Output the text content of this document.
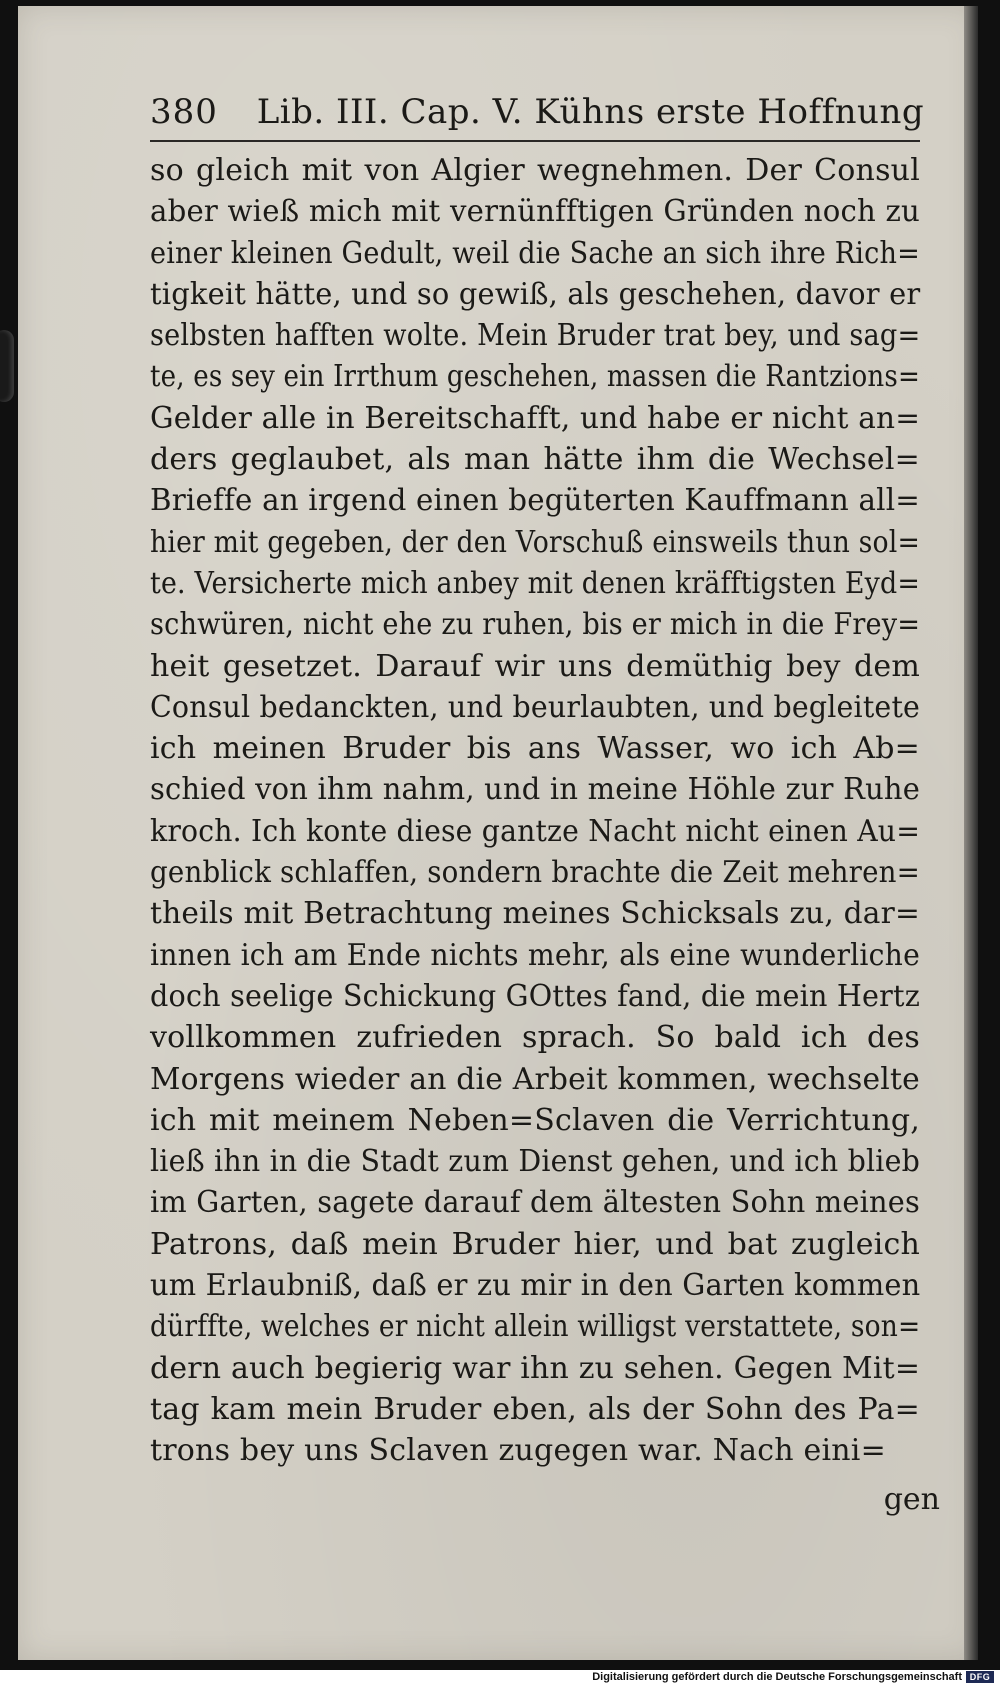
380 Lib. III. Cap. V. Kühns erste Hoffnung
so gleich mit von Algier wegnehmen. Der Consul
aber wieß mich mit vernünfftigen Gründen noch zu
einer kleinen Gedult, weil die Sache an sich ihre Rich=
tigkeit hätte, und so gewiß, als geschehen, davor er
selbsten hafften wolte. Mein Bruder trat bey, und sag=
te, es sey ein Irrthum geschehen, massen die Rantzions=
Gelder alle in Bereitschafft, und habe er nicht an=
ders geglaubet, als man hätte ihm die Wechsel=
Brieffe an irgend einen begüterten Kauffmann all=
hier mit gegeben, der den Vorschuß einsweils thun sol=
te. Versicherte mich anbey mit denen kräfftigsten Eyd=
schwüren, nicht ehe zu ruhen, bis er mich in die Frey=
heit gesetzet. Darauf wir uns demüthig bey dem
Consul bedanckten, und beurlaubten, und begleitete
ich meinen Bruder bis ans Wasser, wo ich Ab=
schied von ihm nahm, und in meine Höhle zur Ruhe
kroch. Ich konte diese gantze Nacht nicht einen Au=
genblick schlaffen, sondern brachte die Zeit mehren=
theils mit Betrachtung meines Schicksals zu, dar=
innen ich am Ende nichts mehr, als eine wunderliche
doch seelige Schickung GOttes fand, die mein Hertz
vollkommen zufrieden sprach. So bald ich des
Morgens wieder an die Arbeit kommen, wechselte
ich mit meinem Neben=Sclaven die Verrichtung,
ließ ihn in die Stadt zum Dienst gehen, und ich blieb
im Garten, sagete darauf dem ältesten Sohn meines
Patrons, daß mein Bruder hier, und bat zugleich
um Erlaubniß, daß er zu mir in den Garten kommen
dürffte, welches er nicht allein willigst verstattete, son=
dern auch begierig war ihn zu sehen. Gegen Mit=
tag kam mein Bruder eben, als der Sohn des Pa=
trons bey uns Sclaven zugegen war. Nach eini=
gen
Digitalisierung gefördert durch die Deutsche Forschungsgemeinschaft DFG
